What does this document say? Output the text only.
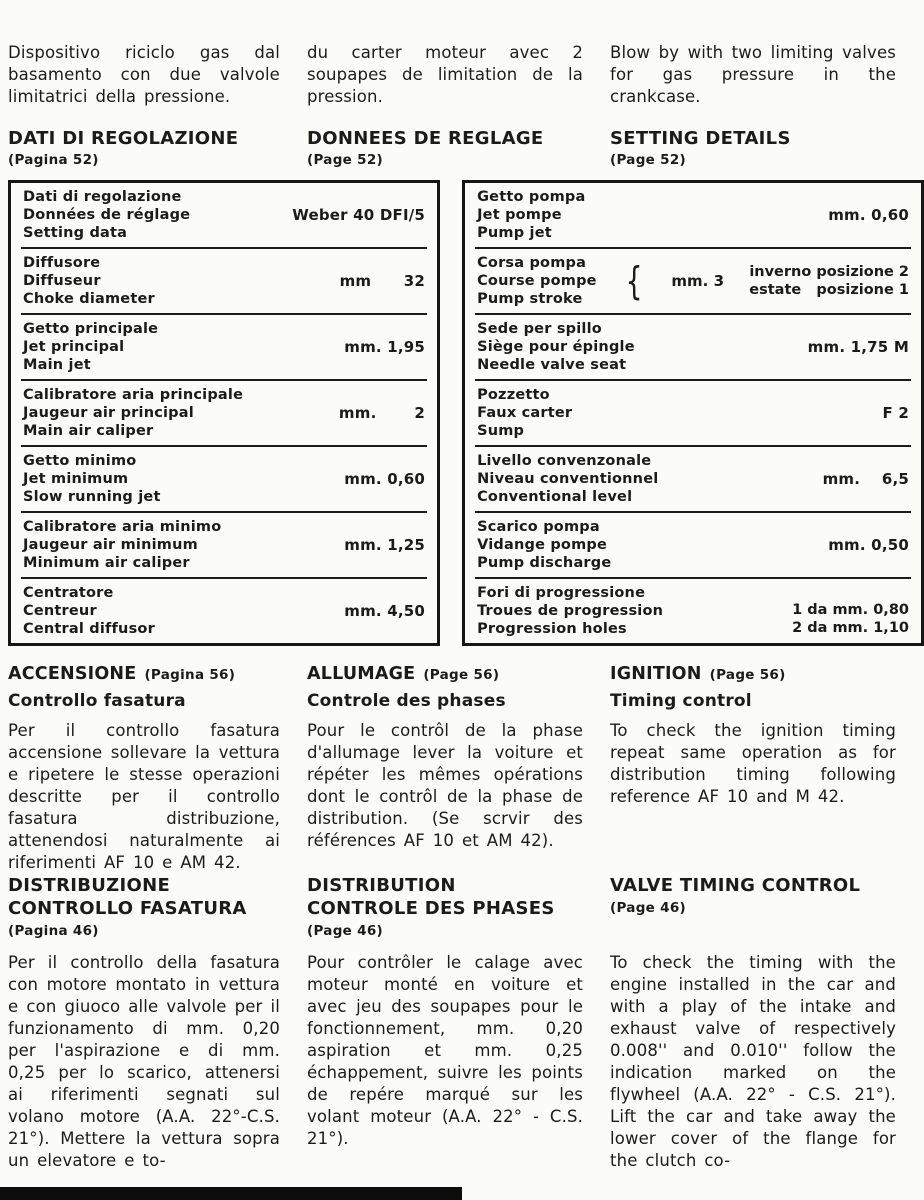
Dispositivo riciclo gas dal basamento con due valvole limitatrici della pressione.

du carter moteur avec 2 soupapes de limitation de la pression.

Blow by with two limiting valves for gas pressure in the crankcase.

DATI DI REGOLAZIONE
(Pagina 52)
DONNEES DE REGLAGE
(Page 52)
SETTING DETAILS
(Page 52)
Dati di regolazione
Données de réglage
Setting data
Weber 40 DFI/5
Diffusore
Diffuseur
Choke diameter
mm      32
Getto principale
Jet principal
Main jet
mm. 1,95
Calibratore aria principale
Jaugeur air principal
Main air caliper
mm.       2
Getto minimo
Jet minimum
Slow running jet
mm. 0,60
Calibratore aria minimo
Jaugeur air minimum
Minimum air caliper
mm. 1,25
Centratore
Centreur
Central diffusor
mm. 4,50
Getto pompa
Jet pompe
Pump jet
mm. 0,60
Corsa pompa
Course pompe
Pump stroke	{ mm. 3 inverno posizione 2
estate   posizione 1
Sede per spillo
Siège pour épingle
Needle valve seat
mm. 1,75 M
Pozzetto
Faux carter
Sump
F 2
Livello convenzonale
Niveau conventionnel
Conventional level
mm.    6,5
Scarico pompa
Vidange pompe
Pump discharge
mm. 0,50
Fori di progressione
Troues de progression
Progression holes
1 da mm. 0,80
2 da mm. 1,10
ACCENSIONE (Pagina 56)
Controllo fasatura

Per il controllo fasatura accensione sollevare la vettura e ripetere le stesse operazioni descritte per il controllo fasatura distribuzione, attenendosi naturalmente ai riferimenti AF 10 e AM 42.

ALLUMAGE (Page 56)
Controle des phases

Pour le contrôl de la phase d'allumage lever la voiture et répéter les mêmes opérations dont le contrôl de la phase de distribution. (Se scrvir des références AF 10 et AM 42).

IGNITION (Page 56)
Timing control

To check the ignition timing repeat same operation as for distribution timing following reference AF 10 and M 42.

DISTRIBUZIONE
CONTROLLO FASATURA
(Pagina 46)

Per il controllo della fasatura con motore montato in vettura e con giuoco alle valvole per il funzionamento di mm. 0,20 per l'aspirazione e di mm. 0,25 per lo scarico, attenersi ai riferimenti segnati sul volano motore (A.A. 22°-C.S. 21°). Mettere la vettura sopra un elevatore e to-

DISTRIBUTION
CONTROLE DES PHASES
(Page 46)

Pour contrôler le calage avec moteur monté en voiture et avec jeu des soupapes pour le fonctionnement, mm. 0,20 aspiration et mm. 0,25 échappement, suivre les points de repére marqué sur les volant moteur (A.A. 22° - C.S. 21°).

VALVE TIMING CONTROL
(Page 46)

To check the timing with the engine installed in the car and with a play of the intake and exhaust valve of respectively 0.008'' and 0.010'' follow the indication marked on the flywheel (A.A. 22° - C.S. 21°). Lift the car and take away the lower cover of the flange for the clutch co-
